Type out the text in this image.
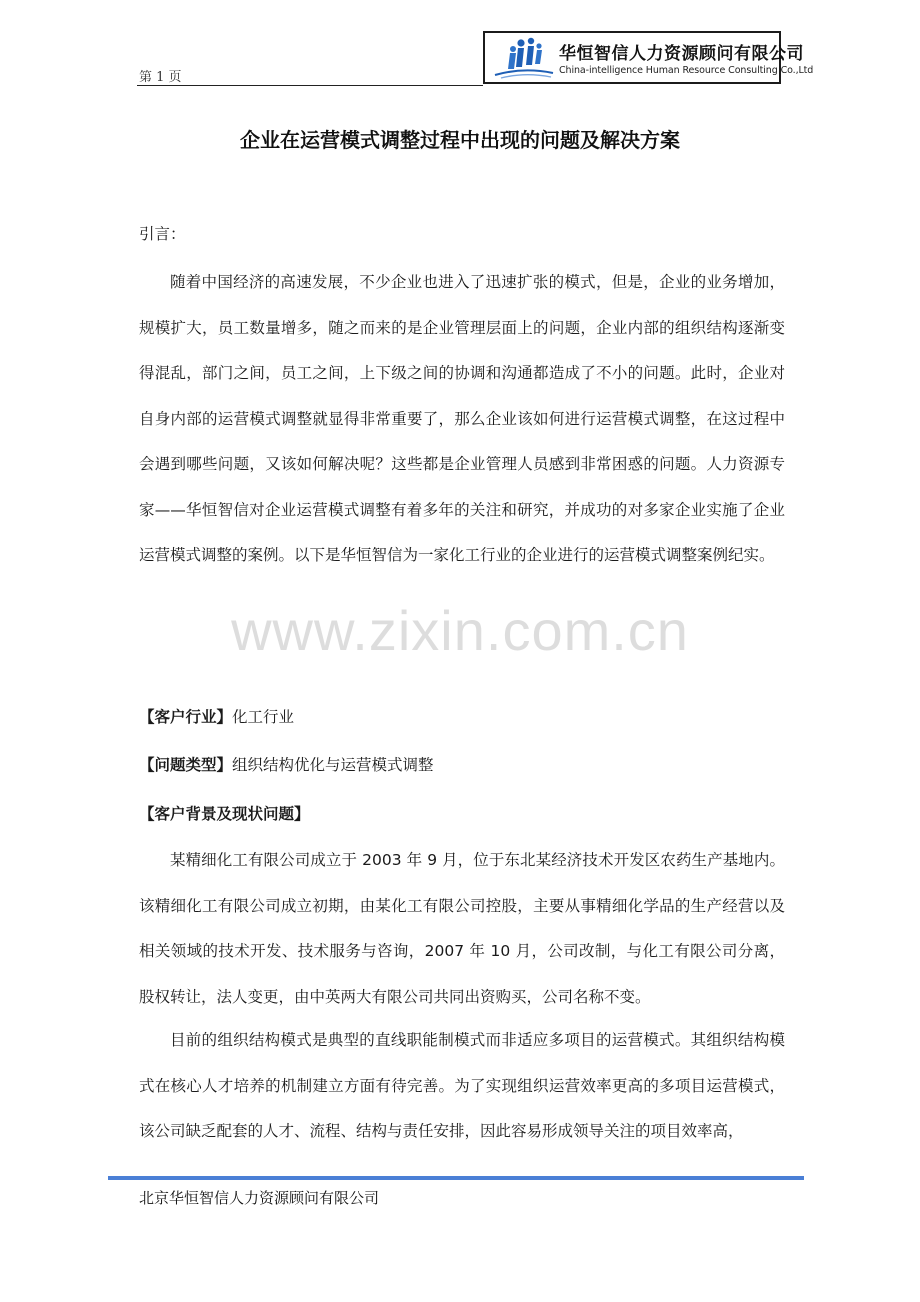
第 1 页
华恒智信人力资源顾问有限公司
China-intelligence Human Resource Consulting Co.,Ltd
企业在运营模式调整过程中出现的问题及解决方案
引言：

随着中国经济的高速发展，不少企业也进入了迅速扩张的模式，但是，企业的业务增加，规模扩大，员工数量增多，随之而来的是企业管理层面上的问题，企业内部的组织结构逐渐变得混乱，部门之间，员工之间，上下级之间的协调和沟通都造成了不小的问题。此时，企业对自身内部的运营模式调整就显得非常重要了，那么企业该如何进行运营模式调整，在这过程中会遇到哪些问题，又该如何解决呢？这些都是企业管理人员感到非常困惑的问题。人力资源专家——华恒智信对企业运营模式调整有着多年的关注和研究，并成功的对多家企业实施了企业运营模式调整的案例。以下是华恒智信为一家化工行业的企业进行的运营模式调整案例纪实。

www.zixin.com.cn
【客户行业】化工行业
【问题类型】组织结构优化与运营模式调整
【客户背景及现状问题】

某精细化工有限公司成立于 2003 年 9 月，位于东北某经济技术开发区农药生产基地内。该精细化工有限公司成立初期，由某化工有限公司控股，主要从事精细化学品的生产经营以及相关领域的技术开发、技术服务与咨询，2007 年 10 月，公司改制，与化工有限公司分离，股权转让，法人变更，由中英两大有限公司共同出资购买，公司名称不变。

目前的组织结构模式是典型的直线职能制模式而非适应多项目的运营模式。其组织结构模式在核心人才培养的机制建立方面有待完善。为了实现组织运营效率更高的多项目运营模式，该公司缺乏配套的人才、流程、结构与责任安排，因此容易形成领导关注的项目效率高，

北京华恒智信人力资源顾问有限公司
